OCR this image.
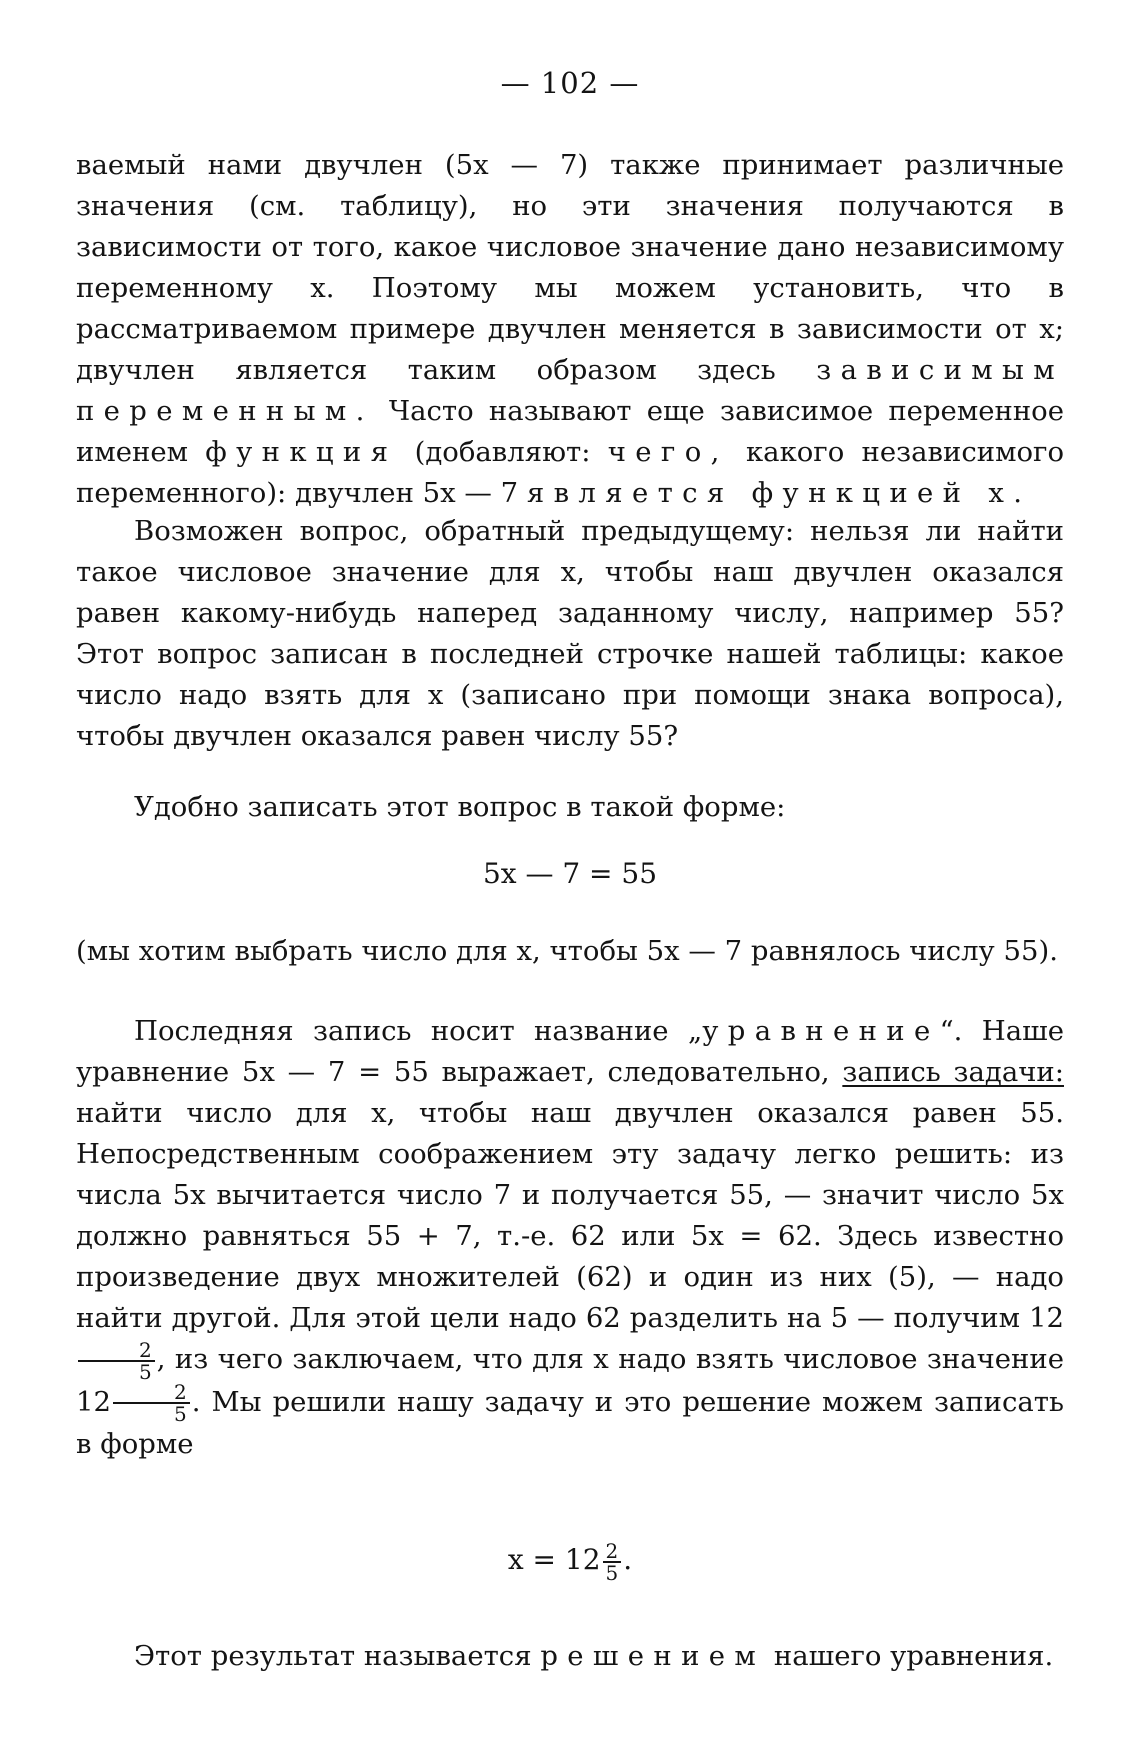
— 102 —
ваемый нами двучлен (5x — 7) также принимает различные значения (см. таблицу), но эти значения получаются в зависимости от того, какое числовое значение дано независимому переменному x. Поэтому мы можем установить, что в рассматриваемом примере двучлен меняется в зависимости от x; двучлен является таким образом здесь зависимым переменным. Часто называют еще зависимое переменное именем функция (добавляют: чего, какого независимого переменного): двучлен 5x — 7 является функцией x.
Возможен вопрос, обратный предыдущему: нельзя ли найти такое числовое значение для x, чтобы наш двучлен оказался равен какому-нибудь наперед заданному числу, например 55? Этот вопрос записан в последней строчке нашей таблицы: какое число надо взять для x (записано при помощи знака вопроса), чтобы двучлен оказался равен числу 55?
Удобно записать этот вопрос в такой форме:
5x — 7 = 55
(мы хотим выбрать число для x, чтобы 5x — 7 равнялось числу 55).
Последняя запись носит название „уравнение“. Наше уравнение 5x — 7 = 55 выражает, следовательно, запись задачи: найти число для x, чтобы наш двучлен оказался равен 55. Непосредственным соображением эту задачу легко решить: из числа 5x вычитается число 7 и получается 55, — значит число 5x должно равняться 55 + 7, т.-е. 62 или 5x = 62. Здесь известно произведение двух множителей (62) и один из них (5), — надо найти другой. Для этой цели надо 62 разделить на 5 — получим 12
$\frac{2}{5}$ , из чего заключаем, что для x надо взять числовое значение $12 \frac{2}{5}$ . Мы решили нашу задачу и это решение можем записать в форме
$x = 12 \frac{2}{5}$ .
Этот результат называется решением нашего уравнения.
